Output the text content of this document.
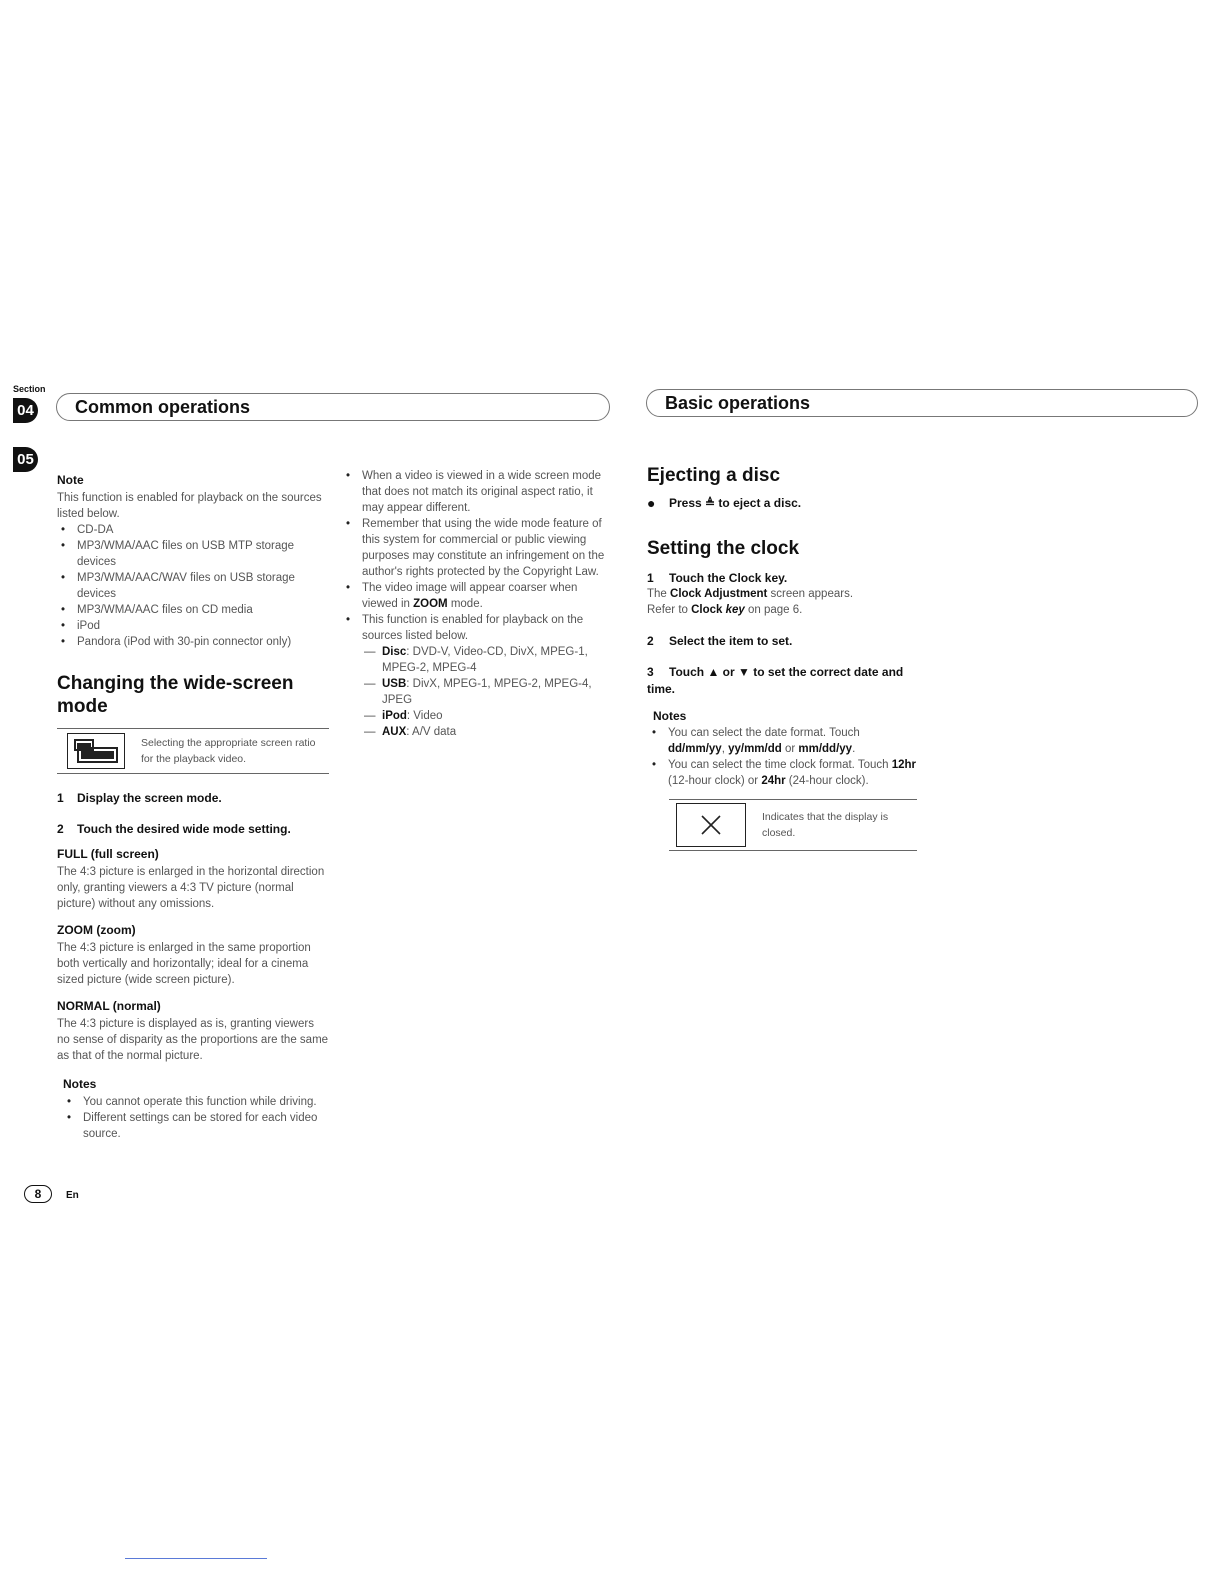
Section
04
05
Common operations	Basic operations

Note

This function is enabled for playback on the sources listed below.

• CD-DA
• MP3/WMA/AAC files on USB MTP storage devices
• MP3/WMA/AAC/WAV files on USB storage devices
• MP3/WMA/AAC files on CD media
• iPod
• Pandora (iPod with 30-pin connector only)
Changing the wide-screen mode
Selecting the appropriate screen ratio for the playback video.
1	Display the screen mode.
2	Touch the desired wide mode setting.

FULL (full screen)

The 4:3 picture is enlarged in the horizontal direction only, granting viewers a 4:3 TV picture (normal picture) without any omissions.

ZOOM (zoom)

The 4:3 picture is enlarged in the same proportion both vertically and horizontally; ideal for a cinema sized picture (wide screen picture).

NORMAL (normal)

The 4:3 picture is displayed as is, granting viewers no sense of disparity as the proportions are the same as that of the normal picture.

Notes

• You cannot operate this function while driving.
• Different settings can be stored for each video source.
• When a video is viewed in a wide screen mode that does not match its original aspect ratio, it may appear different.
• Remember that using the wide mode feature of this system for commercial or public viewing purposes may constitute an infringement on the author's rights protected by the Copyright Law.
• The video image will appear coarser when viewed in ZOOM mode.
• This function is enabled for playback on the sources listed below.
— Disc: DVD-V, Video-CD, DivX, MPEG-1, MPEG-2, MPEG-4
— USB: DivX, MPEG-1, MPEG-2, MPEG-4, JPEG
— iPod: Video
— AUX: A/V data
Ejecting a disc
●	Press ≜ to eject a disc.
Setting the clock
1	Touch the Clock key.

The Clock Adjustment screen appears.

Refer to Clock key on page 6.

2	Select the item to set.
3 Touch ▲ or ▼ to set the correct date and time.

Notes

• You can select the date format. Touch dd/mm/yy, yy/mm/dd or mm/dd/yy.
• You can select the time clock format. Touch 12hr (12-hour clock) or 24hr (24-hour clock).
Indicates that the display is closed.
8	En
